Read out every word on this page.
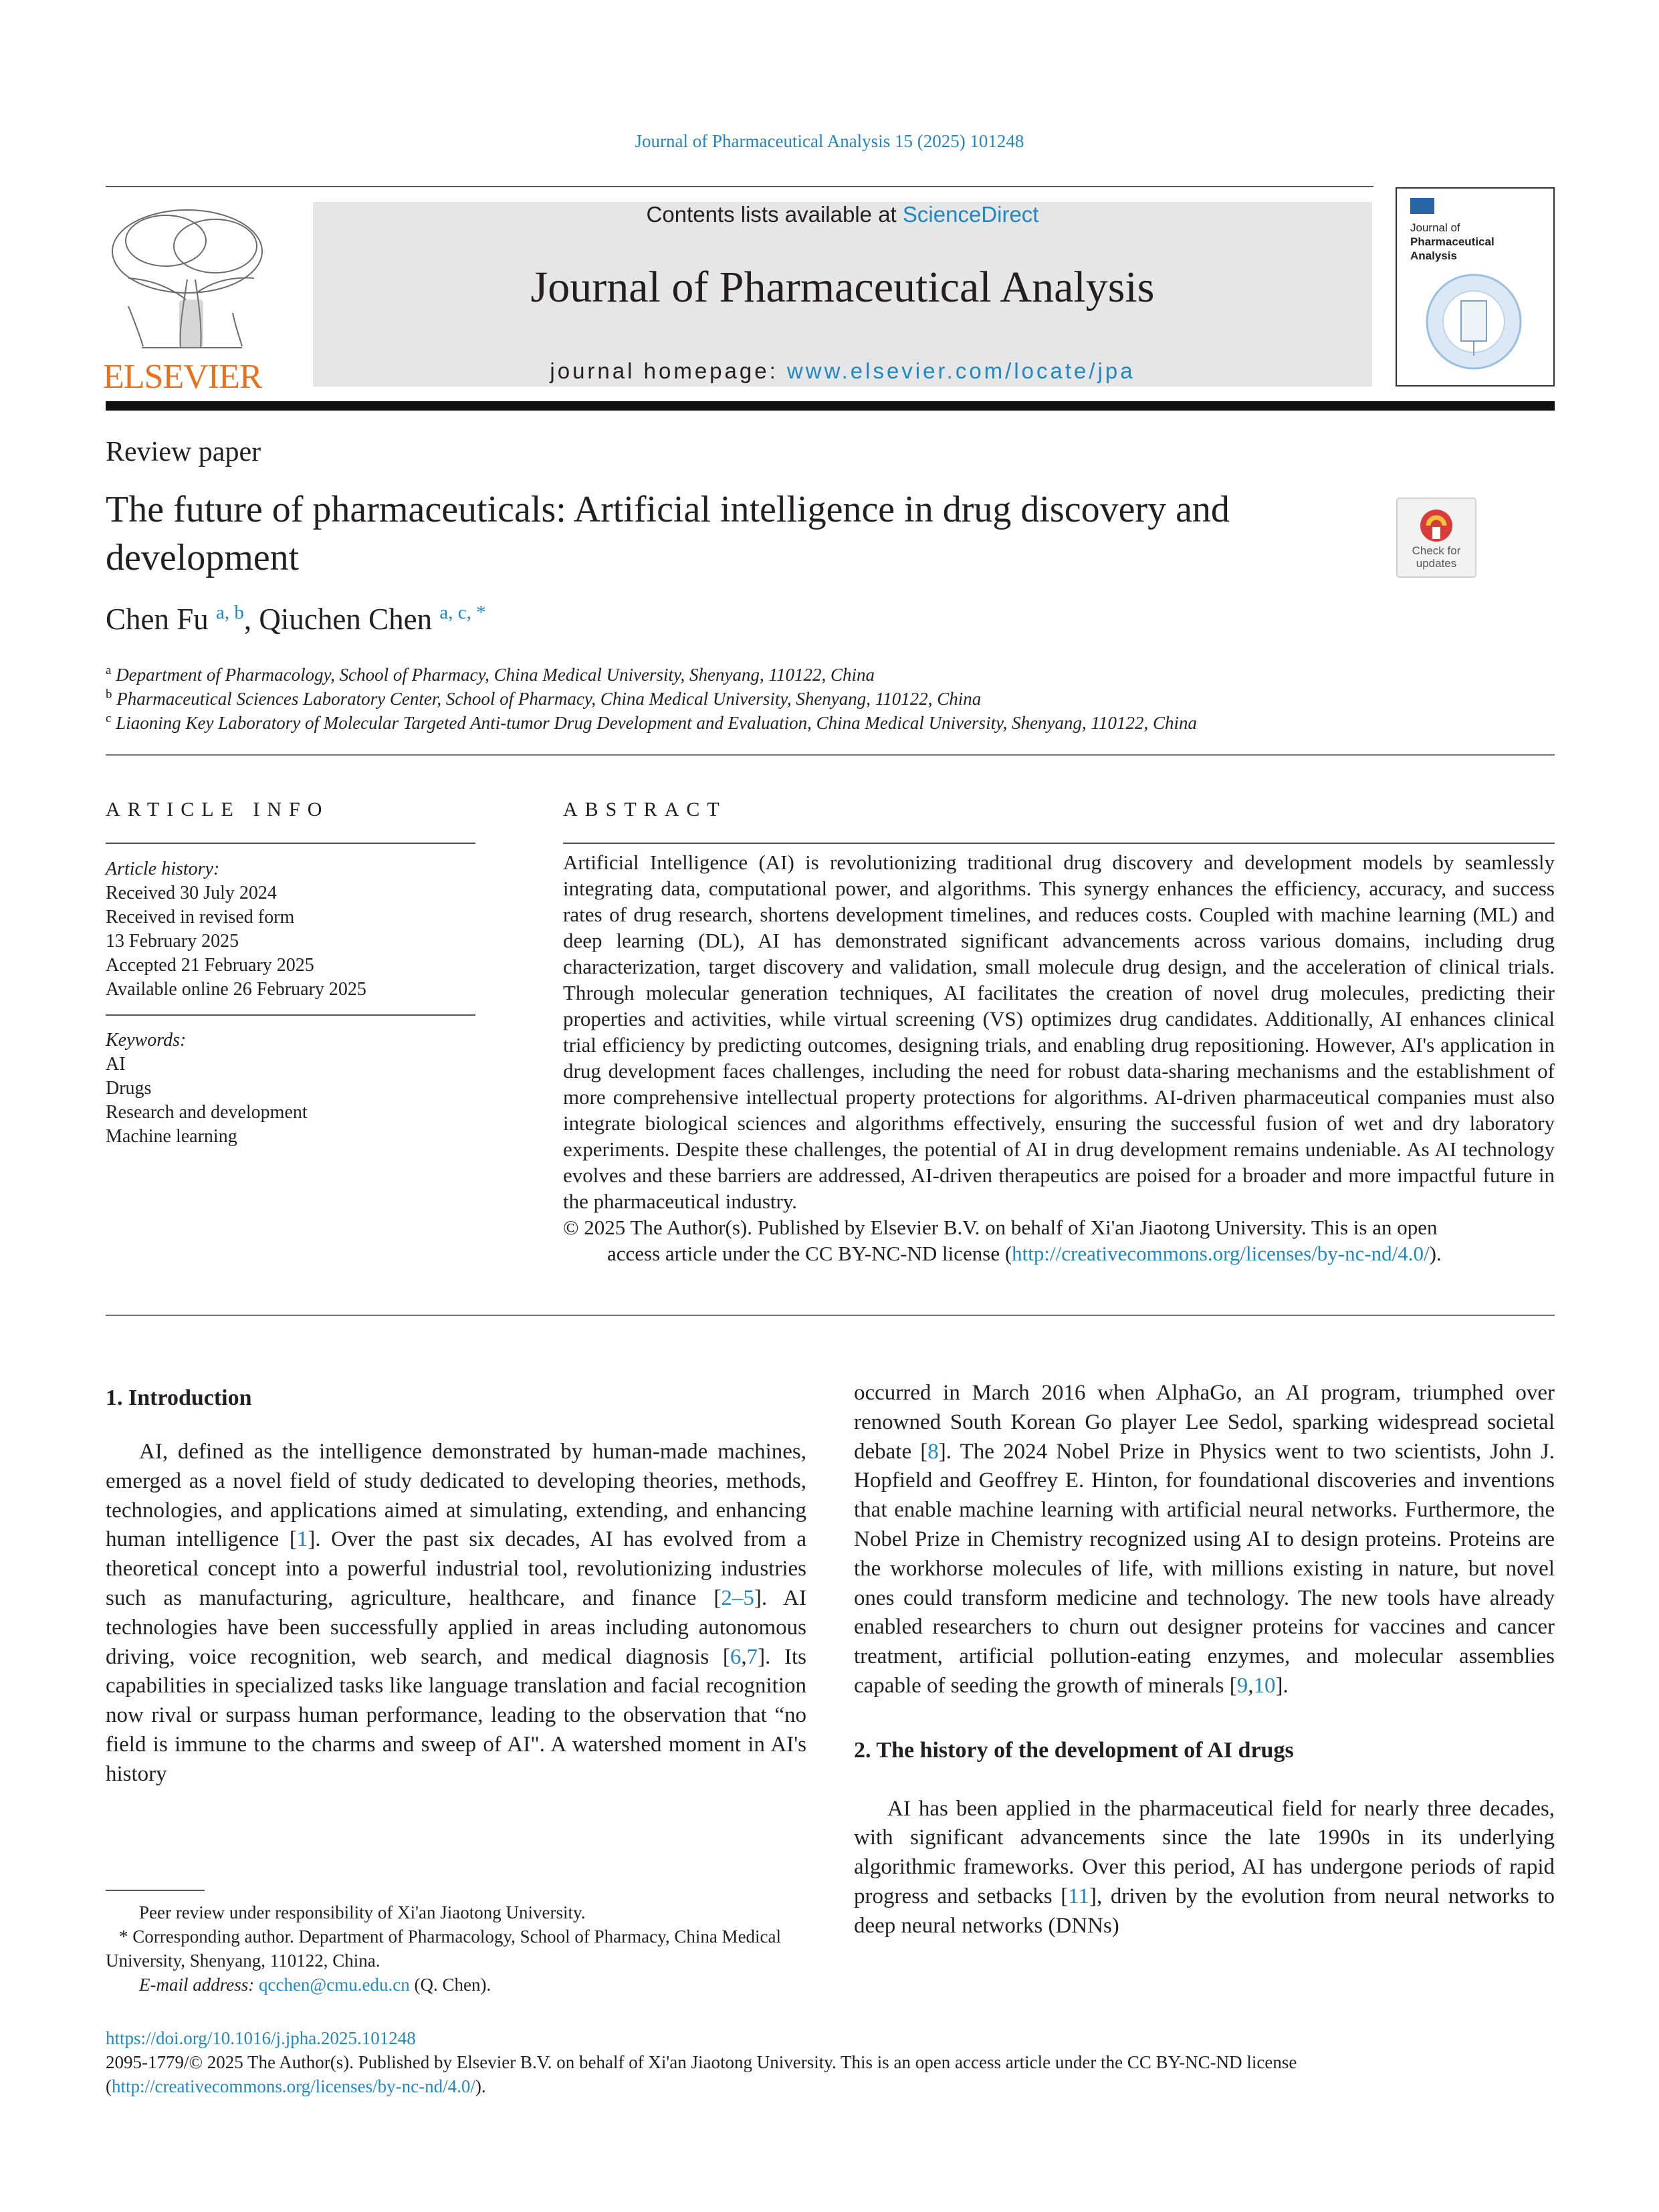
Journal of Pharmaceutical Analysis 15 (2025) 101248
ELSEVIER
Contents lists available at ScienceDirect
Journal of Pharmaceutical Analysis
journal homepage: www.elsevier.com/locate/jpa
Journal of
Pharmaceutical
Analysis
Review paper
The future of pharmaceuticals: Artificial intelligence in drug discovery and development	Check for
updates
Chen Fu $^{a, b}$, Qiuchen Chen $^{a, c, *}$
$^a$ Department of Pharmacology, School of Pharmacy, China Medical University, Shenyang, 110122, China
$^b$ Pharmaceutical Sciences Laboratory Center, School of Pharmacy, China Medical University, Shenyang, 110122, China
$^c$ Liaoning Key Laboratory of Molecular Targeted Anti-tumor Drug Development and Evaluation, China Medical University, Shenyang, 110122, China
ARTICLE INFO
Article history:
Received 30 July 2024
Received in revised form
13 February 2025
Accepted 21 February 2025
Available online 26 February 2025
Keywords:
AI
Drugs
Research and development
Machine learning
ABSTRACT

Artificial Intelligence (AI) is revolutionizing traditional drug discovery and development models by seamlessly integrating data, computational power, and algorithms. This synergy enhances the efficiency, accuracy, and success rates of drug research, shortens development timelines, and reduces costs. Coupled with machine learning (ML) and deep learning (DL), AI has demonstrated significant advancements across various domains, including drug characterization, target discovery and validation, small molecule drug design, and the acceleration of clinical trials. Through molecular generation techniques, AI facilitates the creation of novel drug molecules, predicting their properties and activities, while virtual screening (VS) optimizes drug candidates. Additionally, AI enhances clinical trial efficiency by predicting outcomes, designing trials, and enabling drug repositioning. However, AI's application in drug development faces challenges, including the need for robust data-sharing mechanisms and the establishment of more comprehensive intellectual property protections for algorithms. AI-driven pharmaceutical companies must also integrate biological sciences and algorithms effectively, ensuring the successful fusion of wet and dry laboratory experiments. Despite these challenges, the potential of AI in drug development remains undeniable. As AI technology evolves and these barriers are addressed, AI-driven therapeutics are poised for a broader and more impactful future in the pharmaceutical industry.

© 2025 The Author(s). Published by Elsevier B.V. on behalf of Xi'an Jiaotong University. This is an open

access article under the CC BY-NC-ND license (http://creativecommons.org/licenses/by-nc-nd/4.0/).

1. Introduction

AI, defined as the intelligence demonstrated by human-made machines, emerged as a novel field of study dedicated to developing theories, methods, technologies, and applications aimed at simulating, extending, and enhancing human intelligence [1]. Over the past six decades, AI has evolved from a theoretical concept into a powerful industrial tool, revolutionizing industries such as manufacturing, agriculture, healthcare, and finance [2–5]. AI technologies have been successfully applied in areas including autonomous driving, voice recognition, web search, and medical diagnosis [6,7]. Its capabilities in specialized tasks like language translation and facial recognition now rival or surpass human performance, leading to the observation that “no field is immune to the charms and sweep of AI". A watershed moment in AI's history

occurred in March 2016 when AlphaGo, an AI program, triumphed over renowned South Korean Go player Lee Sedol, sparking widespread societal debate [8]. The 2024 Nobel Prize in Physics went to two scientists, John J. Hopfield and Geoffrey E. Hinton, for foundational discoveries and inventions that enable machine learning with artificial neural networks. Furthermore, the Nobel Prize in Chemistry recognized using AI to design proteins. Proteins are the workhorse molecules of life, with millions existing in nature, but novel ones could transform medicine and technology. The new tools have already enabled researchers to churn out designer proteins for vaccines and cancer treatment, artificial pollution-eating enzymes, and molecular assemblies capable of seeding the growth of minerals [9,10].

2. The history of the development of AI drugs

AI has been applied in the pharmaceutical field for nearly three decades, with significant advancements since the late 1990s in its underlying algorithmic frameworks. Over this period, AI has undergone periods of rapid progress and setbacks [11], driven by the evolution from neural networks to deep neural networks (DNNs)

Peer review under responsibility of Xi'an Jiaotong University.

* Corresponding author. Department of Pharmacology, School of Pharmacy, China Medical University, Shenyang, 110122, China.

E-mail address: qcchen@cmu.edu.cn (Q. Chen).

https://doi.org/10.1016/j.jpha.2025.101248

2095-1779/© 2025 The Author(s). Published by Elsevier B.V. on behalf of Xi'an Jiaotong University. This is an open access article under the CC BY-NC-ND license (http://creativecommons.org/licenses/by-nc-nd/4.0/).
